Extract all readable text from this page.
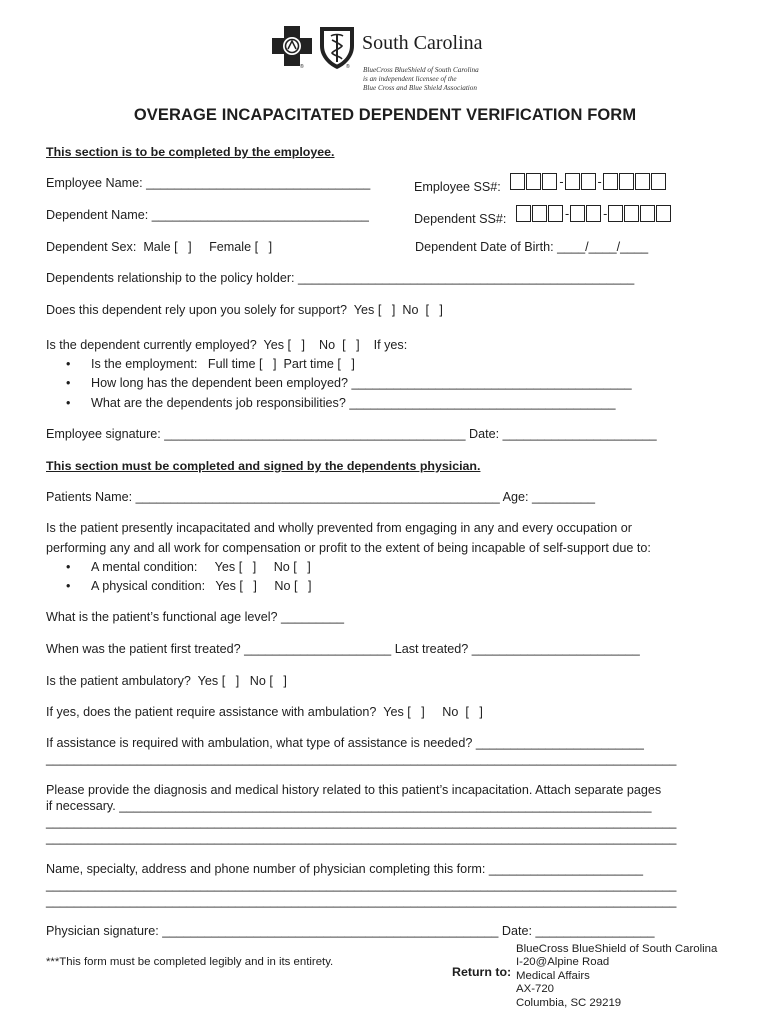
®	®
South Carolina
BlueCross BlueShield of South Carolina
is an independent licensee of the
Blue Cross and Blue Shield Association
OVERAGE INCAPACITATED DEPENDENT VERIFICATION FORM
This section is to be completed by the employee.
Employee Name: ________________________________	Employee SS#:	-	-
Dependent Name: _______________________________	Dependent SS#:	-	-
Dependent Sex:  Male [   ]     Female [   ]	Dependent Date of Birth: ____/____/____
Dependents relationship to the policy holder: ________________________________________________
Does this dependent rely upon you solely for support?  Yes [   ]  No  [   ]
Is the dependent currently employed?  Yes [   ]    No  [   ]    If yes:
• Is the employment:   Full time [   ]  Part time [   ]
• How long has the dependent been employed? ________________________________________
• What are the dependents job responsibilities? ______________________________________
Employee signature: ___________________________________________ Date: ______________________
This section must be completed and signed by the dependents physician.
Patients Name: ____________________________________________________ Age: _________
Is the patient presently incapacitated and wholly prevented from engaging in any and every occupation or
performing any and all work for compensation or profit to the extent of being incapable of self-support due to:
• A mental condition:     Yes [   ]     No [   ]
• A physical condition:   Yes [   ]     No [   ]
What is the patient’s functional age level? _________
When was the patient first treated? _____________________ Last treated? ________________________
Is the patient ambulatory?  Yes [   ]   No [   ]
If yes, does the patient require assistance with ambulation?  Yes [   ]     No  [   ]
If assistance is required with ambulation, what type of assistance is needed? ________________________
__________________________________________________________________________________________
Please provide the diagnosis and medical history related to this patient’s incapacitation. Attach separate pages
if necessary. ____________________________________________________________________________
__________________________________________________________________________________________
__________________________________________________________________________________________
Name, specialty, address and phone number of physician completing this form: ______________________
__________________________________________________________________________________________
__________________________________________________________________________________________
Physician signature: ________________________________________________ Date: _________________
***This form must be completed legibly and in its entirety.
Return to:
BlueCross BlueShield of South Carolina
I-20@Alpine Road
Medical Affairs
AX-720
Columbia, SC 29219
